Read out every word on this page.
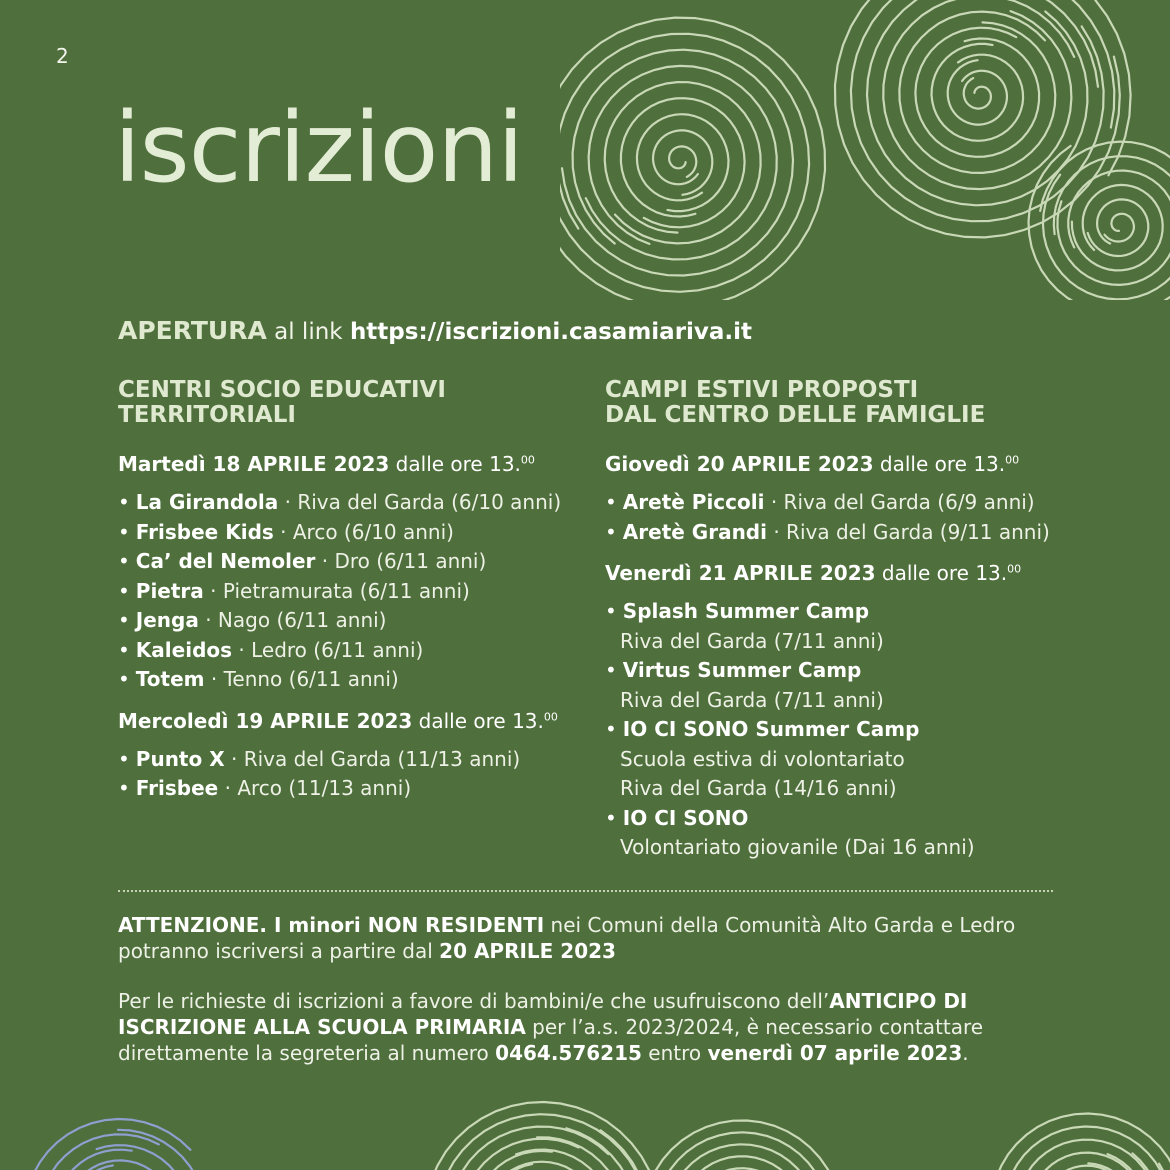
2
iscrizioni
APERTURA al link https://iscrizioni.casamiariva.it
CENTRI SOCIO EDUCATIVI
TERRITORIALI
Martedì 18 APRILE 2023 dalle ore 13.00
• La Girandola · Riva del Garda (6/10 anni)
• Frisbee Kids · Arco (6/10 anni)
• Ca’ del Nemoler · Dro (6/11 anni)
• Pietra · Pietramurata (6/11 anni)
• Jenga · Nago (6/11 anni)
• Kaleidos · Ledro (6/11 anni)
• Totem · Tenno (6/11 anni)
Mercoledì 19 APRILE 2023 dalle ore 13.00
• Punto X · Riva del Garda (11/13 anni)
• Frisbee · Arco (11/13 anni)
CAMPI ESTIVI PROPOSTI
DAL CENTRO DELLE FAMIGLIE
Giovedì 20 APRILE 2023 dalle ore 13.00
• Aretè Piccoli · Riva del Garda (6/9 anni)
• Aretè Grandi · Riva del Garda (9/11 anni)
Venerdì 21 APRILE 2023 dalle ore 13.00
• Splash Summer Camp
Riva del Garda (7/11 anni)
• Virtus Summer Camp
Riva del Garda (7/11 anni)
• IO CI SONO Summer Camp
Scuola estiva di volontariato
Riva del Garda (14/16 anni)
• IO CI SONO
Volontariato giovanile (Dai 16 anni)

ATTENZIONE. I minori NON RESIDENTI nei Comuni della Comunità Alto Garda e Ledro potranno iscriversi a partire dal 20 APRILE 2023

Per le richieste di iscrizioni a favore di bambini/e che usufruiscono dell’ANTICIPO DI ISCRIZIONE ALLA SCUOLA PRIMARIA per l’a.s. 2023/2024, è necessario contattare direttamente la segreteria al numero 0464.576215 entro venerdì 07 aprile 2023.
